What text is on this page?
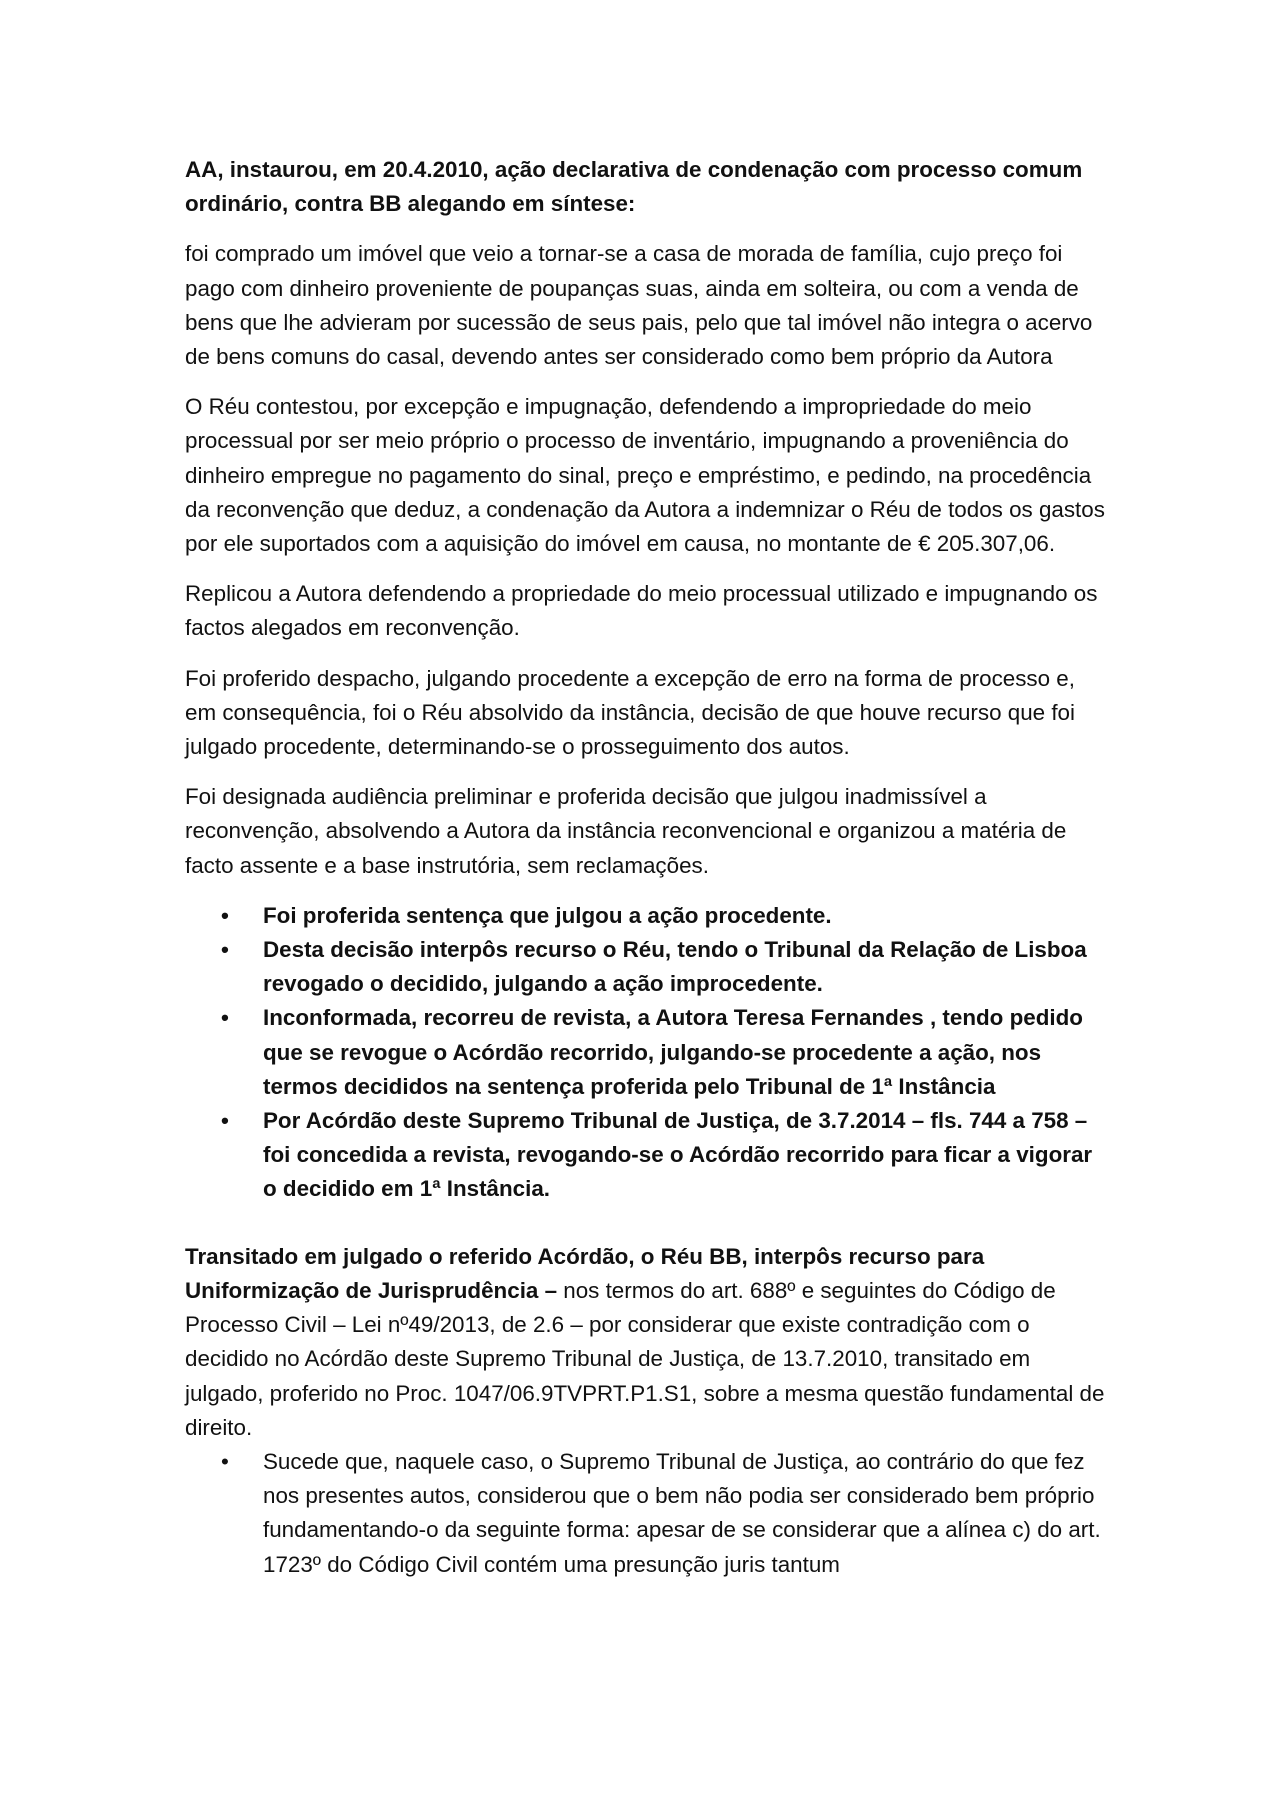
AA, instaurou, em 20.4.2010, ação declarativa de condenação com processo comum ordinário, contra BB alegando em síntese:

foi comprado um imóvel que veio a tornar-se a casa de morada de família, cujo preço foi pago com dinheiro proveniente de poupanças suas, ainda em solteira, ou com a venda de bens que lhe advieram por sucessão de seus pais, pelo que tal imóvel não integra o acervo de bens comuns do casal, devendo antes ser considerado como bem próprio da Autora

O Réu contestou, por excepção e impugnação, defendendo a impropriedade do meio processual por ser meio próprio o processo de inventário, impugnando a proveniência do dinheiro empregue no pagamento do sinal, preço e empréstimo, e pedindo, na procedência da reconvenção que deduz, a condenação da Autora a indemnizar o Réu de todos os gastos por ele suportados com a aquisição do imóvel em causa, no montante de € 205.307,06.

Replicou a Autora defendendo a propriedade do meio processual utilizado e impugnando os factos alegados em reconvenção.

Foi proferido despacho, julgando procedente a excepção de erro na forma de processo e, em consequência, foi o Réu absolvido da instância, decisão de que houve recurso que foi julgado procedente, determinando-se o prosseguimento dos autos.

Foi designada audiência preliminar e proferida decisão que julgou inadmissível a reconvenção, absolvendo a Autora da instância reconvencional e organizou a matéria de facto assente e a base instrutória, sem reclamações.

• Foi proferida sentença que julgou a ação procedente.
• Desta decisão interpôs recurso o Réu, tendo o Tribunal da Relação de Lisboa revogado o decidido, julgando a ação improcedente.
• Inconformada, recorreu de revista, a Autora Teresa Fernandes , tendo pedido que se revogue o Acórdão recorrido, julgando-se procedente a ação, nos termos decididos na sentença proferida pelo Tribunal de 1ª Instância
• Por Acórdão deste Supremo Tribunal de Justiça, de 3.7.2014 – fls. 744 a 758 – foi concedida a revista, revogando-se o Acórdão recorrido para ficar a vigorar o decidido em 1ª Instância.

Transitado em julgado o referido Acórdão, o Réu BB, interpôs recurso para Uniformização de Jurisprudência – nos termos do art. 688º e seguintes do Código de Processo Civil – Lei nº49/2013, de 2.6 – por considerar que existe contradição com o decidido no Acórdão deste Supremo Tribunal de Justiça, de 13.7.2010, transitado em julgado, proferido no Proc. 1047/06.9TVPRT.P1.S1, sobre a mesma questão fundamental de direito.

• Sucede que, naquele caso, o Supremo Tribunal de Justiça, ao contrário do que fez nos presentes autos, considerou que o bem não podia ser considerado bem próprio fundamentando-o da seguinte forma: apesar de se considerar que a alínea c) do art. 1723º do Código Civil contém uma presunção juris tantum
